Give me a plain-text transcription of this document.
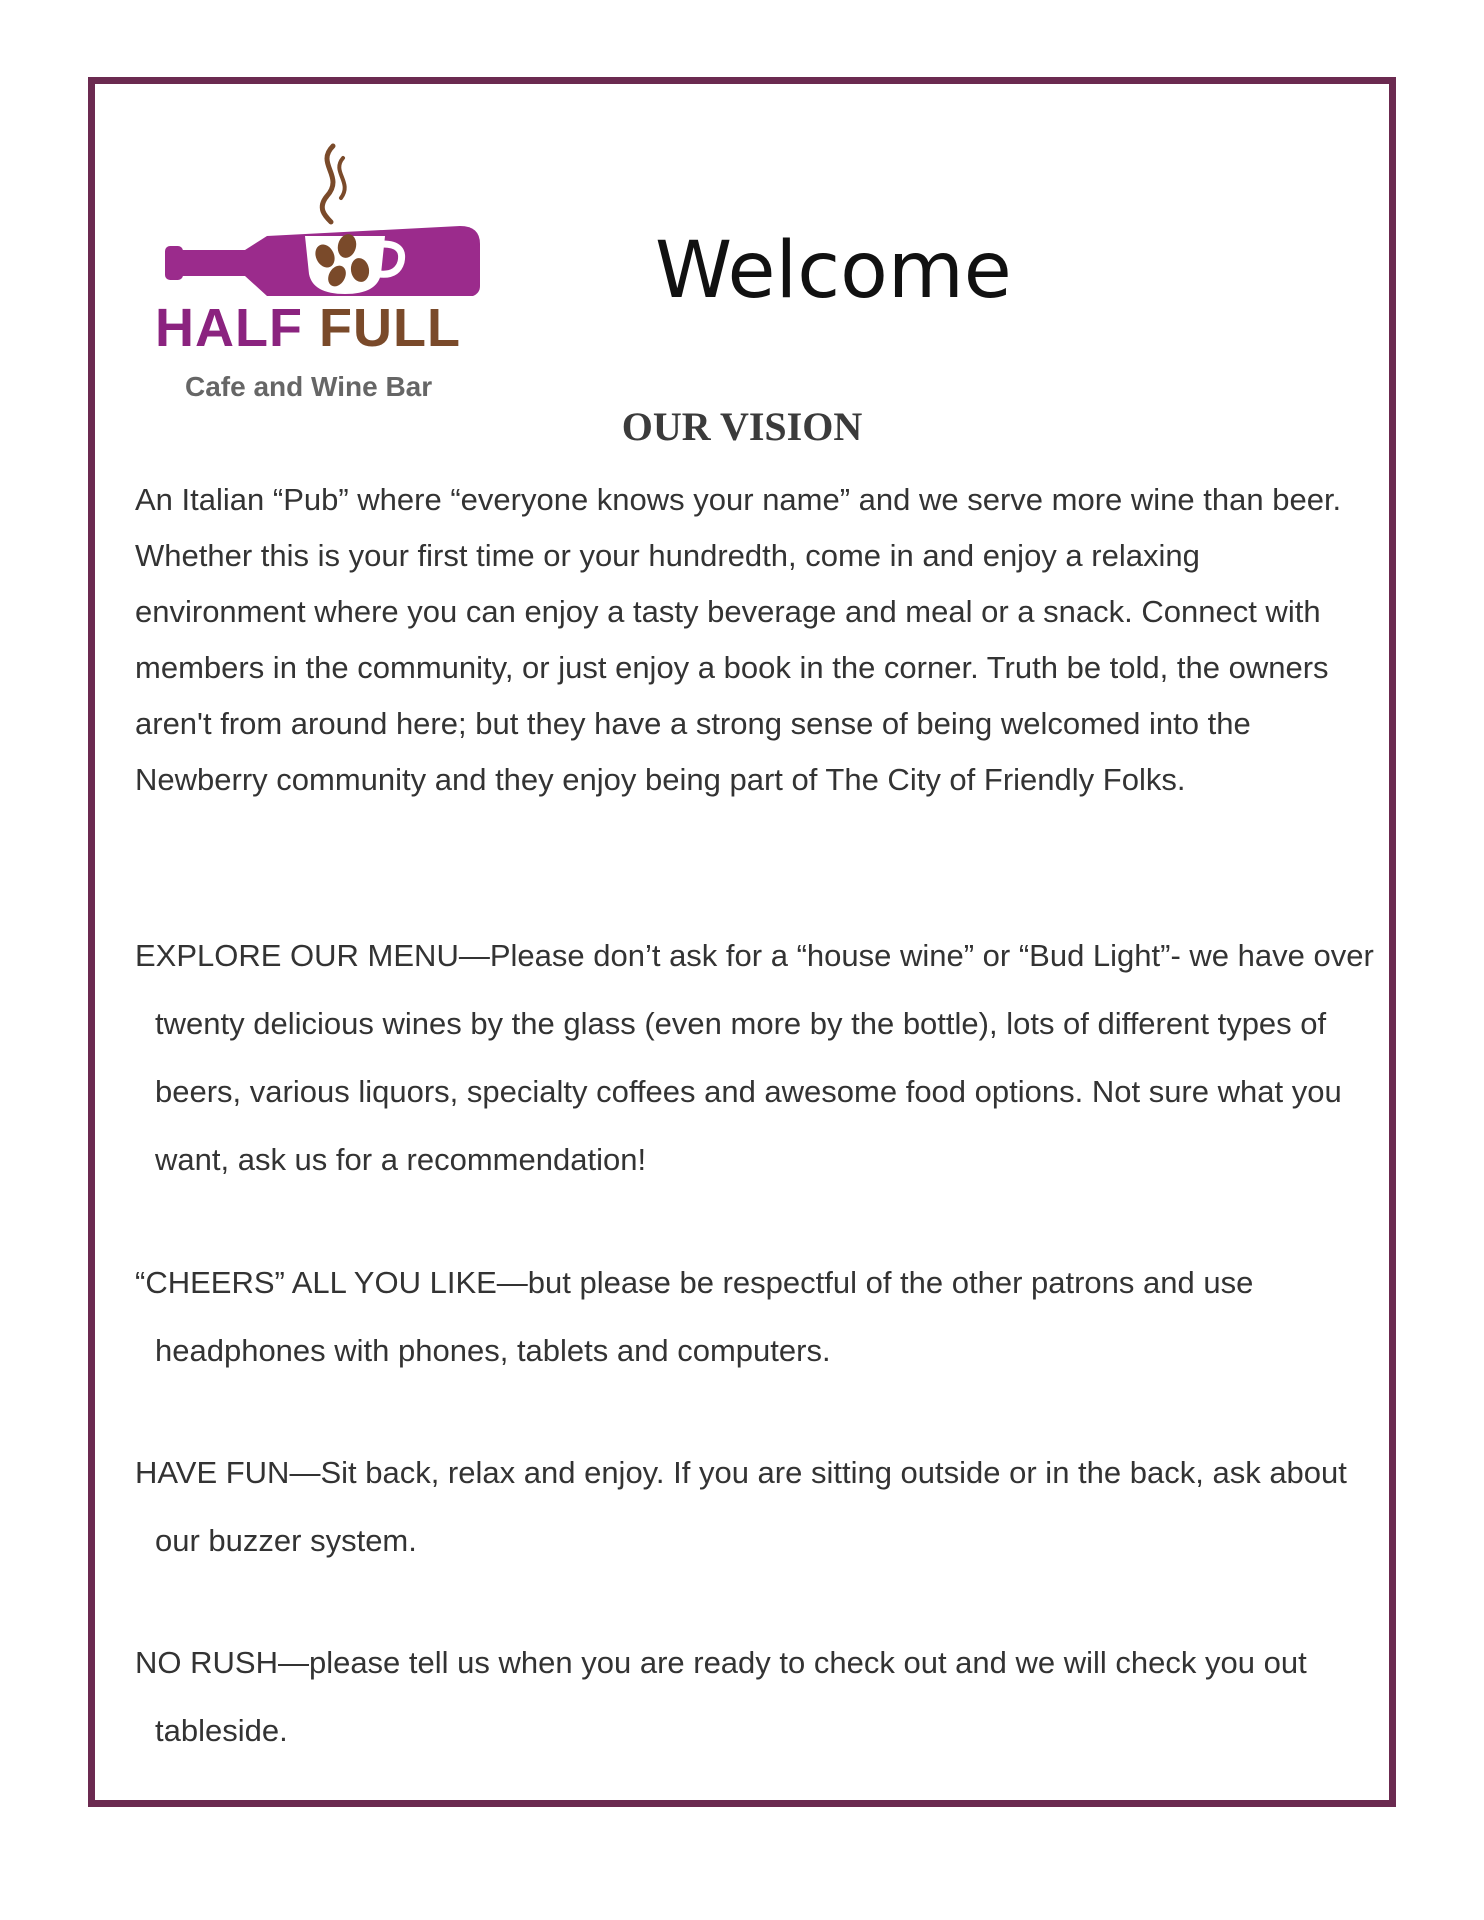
HALF FULL
Cafe and Wine Bar
Welcome
OUR VISION

An Italian “Pub” where “everyone knows your name” and we serve more wine than beer. Whether this is your first time or your hundredth, come in and enjoy a relaxing environment where you can enjoy a tasty beverage and meal or a snack. Connect with members in the community, or just enjoy a book in the corner. Truth be told, the owners aren't from around here; but they have a strong sense of being welcomed into the Newberry community and they enjoy being part of The City of Friendly Folks.

EXPLORE OUR MENU—Please don’t ask for a “house wine” or “Bud Light”- we have over twenty delicious wines by the glass (even more by the bottle), lots of different types of beers, various liquors, specialty coffees and awesome food options. Not sure what you want, ask us for a recommendation!

“CHEERS” ALL YOU LIKE—but please be respectful of the other patrons and use headphones with phones, tablets and computers.

HAVE FUN—Sit back, relax and enjoy. If you are sitting outside or in the back, ask about our buzzer system.

NO RUSH—please tell us when you are ready to check out and we will check you out tableside.
